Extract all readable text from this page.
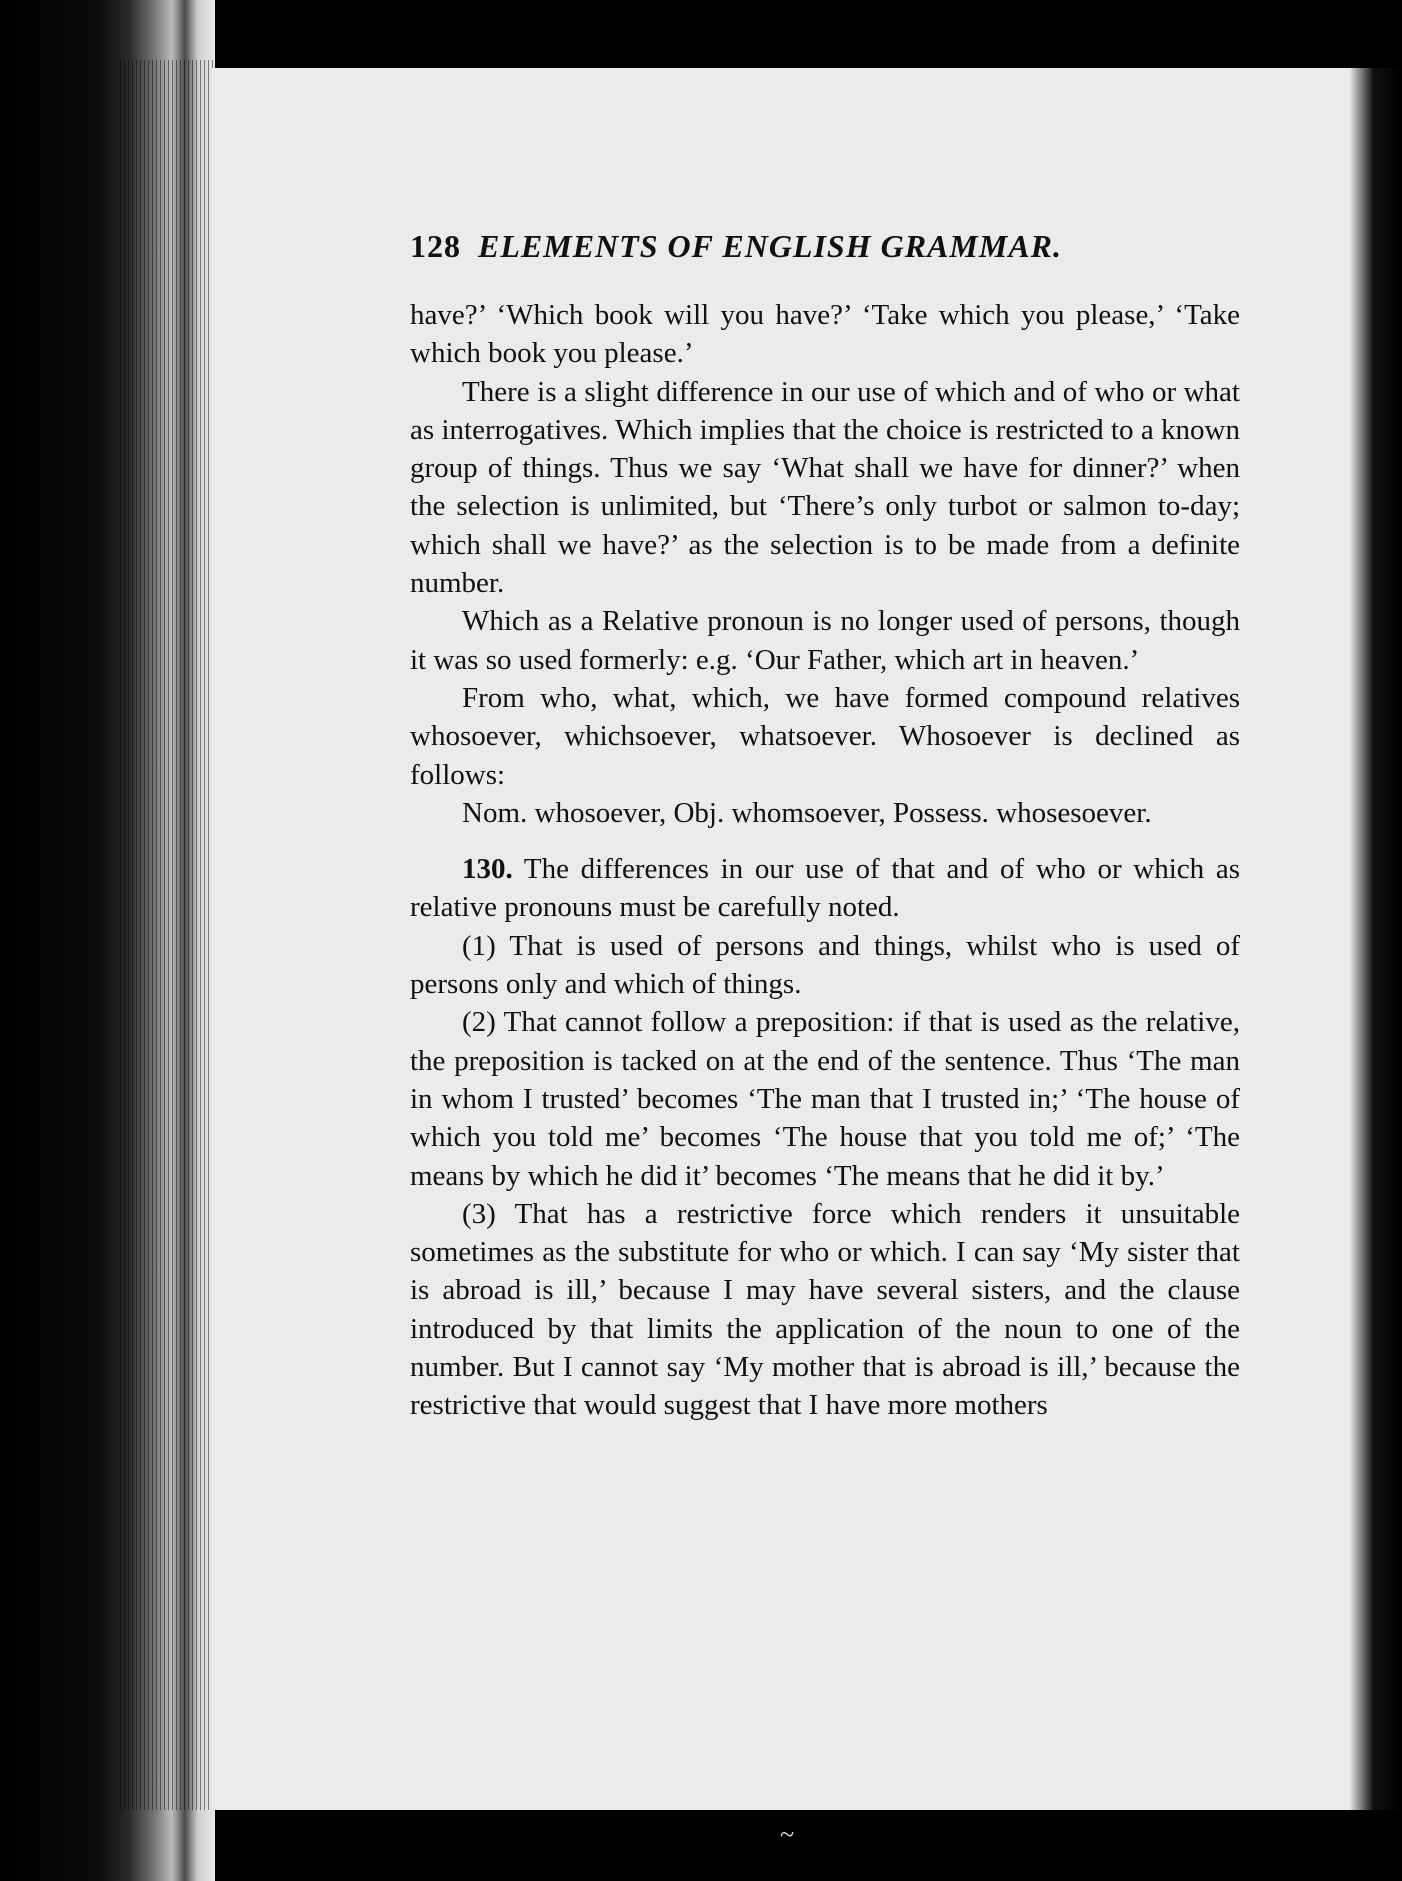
128 ELEMENTS OF ENGLISH GRAMMAR.

have?’ ‘Which book will you have?’ ‘Take which you please,’ ‘Take which book you please.’

There is a slight difference in our use of which and of who or what as interrogatives. Which implies that the choice is restricted to a known group of things. Thus we say ‘What shall we have for dinner?’ when the selection is unlimited, but ‘There’s only turbot or salmon to-day; which shall we have?’ as the selection is to be made from a definite number.

Which as a Relative pronoun is no longer used of persons, though it was so used formerly: e.g. ‘Our Father, which art in heaven.’

From who, what, which, we have formed compound relatives whosoever, whichsoever, whatsoever. Whosoever is declined as follows:

Nom. whosoever, Obj. whomsoever, Possess. whosesoever.

130. The differences in our use of that and of who or which as relative pronouns must be carefully noted.

(1) That is used of persons and things, whilst who is used of persons only and which of things.

(2) That cannot follow a preposition: if that is used as the relative, the preposition is tacked on at the end of the sentence. Thus ‘The man in whom I trusted’ becomes ‘The man that I trusted in;’ ‘The house of which you told me’ becomes ‘The house that you told me of;’ ‘The means by which he did it’ becomes ‘The means that he did it by.’

(3) That has a restrictive force which renders it unsuitable sometimes as the substitute for who or which. I can say ‘My sister that is abroad is ill,’ because I may have several sisters, and the clause introduced by that limits the application of the noun to one of the number. But I cannot say ‘My mother that is abroad is ill,’ because the restrictive that would suggest that I have more mothers

~
